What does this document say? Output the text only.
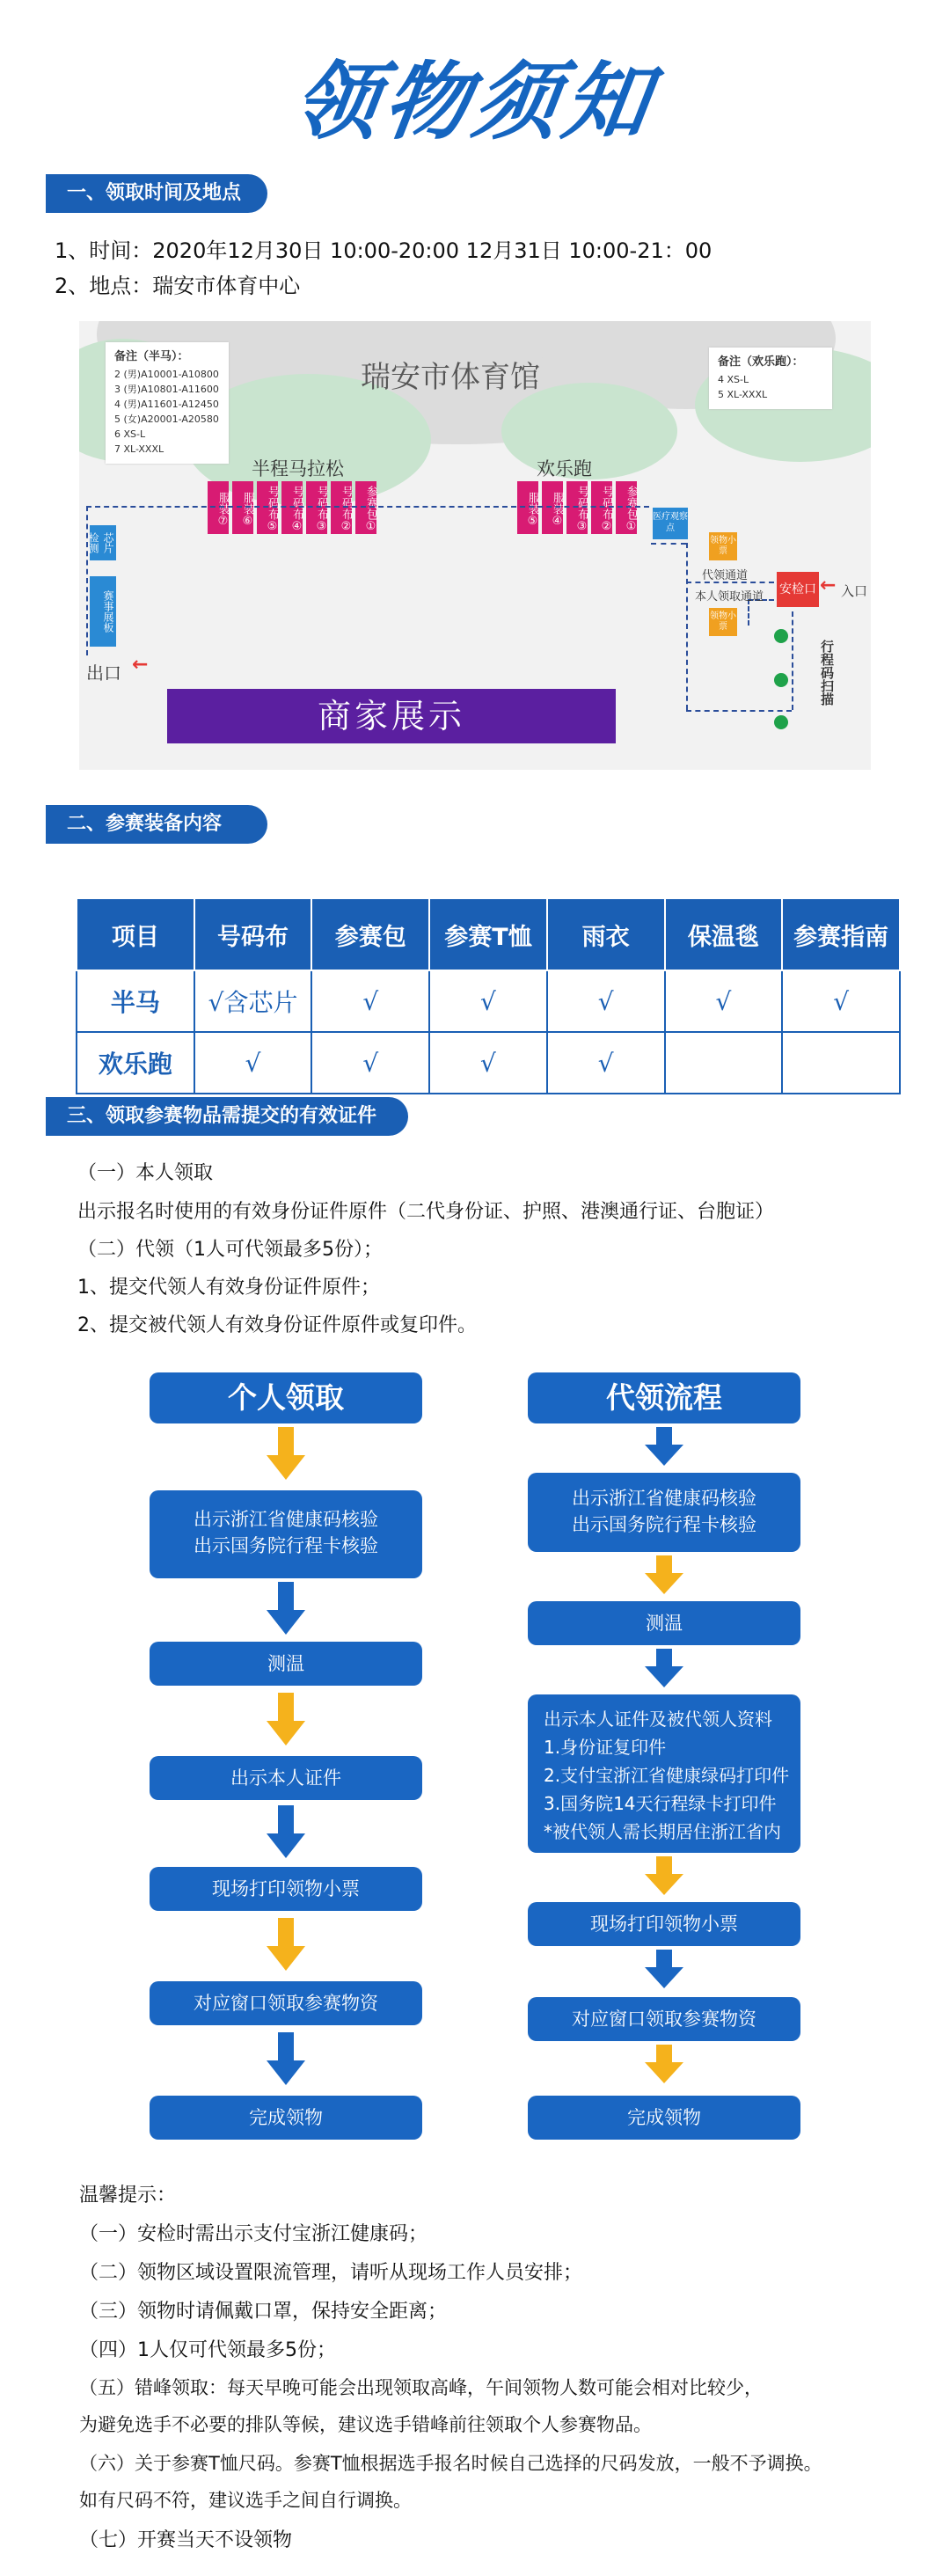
领物须知
一、领取时间及地点
1、时间：2020年12月30日 10:00-20:00 12月31日 10:00-21：00
2、地点：瑞安市体育中心
瑞安市体育馆
备注（半马）：
2 (男)A10001-A10800
3 (男)A10801-A11600
4 (男)A11601-A12450
5 (女)A20001-A20580
6 XS-L
7 XL-XXXL
备注（欢乐跑）：
4 XS-L
5 XL-XXXL
半程马拉松	欢乐跑
服装⑦	服装⑥	号码布⑤	号码布④	号码布③	号码布②	参赛包①	服装⑤	服装④	号码布③	号码布②	参赛包① 医疗观察点
芯片检测
赛事展板
领物小票
领物小票
代领通道
本人领取通道
安检口 ← 入口
出口 ←
商家展示
行程码扫描
二、参赛装备内容
项目	号码布	参赛包	参赛T恤	雨衣	保温毯	参赛指南
半马	√含芯片	√	√	√	√	√
欢乐跑	√	√	√	√		
三、领取参赛物品需提交的有效证件
（一）本人领取
出示报名时使用的有效身份证件原件（二代身份证、护照、港澳通行证、台胞证）
（二）代领（1人可代领最多5份）；
1、提交代领人有效身份证件原件；
2、提交被代领人有效身份证件原件或复印件。
个人领取
出示浙江省健康码核验
出示国务院行程卡核验
测温
出示本人证件
现场打印领物小票
对应窗口领取参赛物资
完成领物
代领流程
出示浙江省健康码核验
出示国务院行程卡核验
测温
出示本人证件及被代领人资料
1.身份证复印件
2.支付宝浙江省健康绿码打印件
3.国务院14天行程绿卡打印件
*被代领人需长期居住浙江省内
现场打印领物小票
对应窗口领取参赛物资
完成领物
温馨提示：
（一）安检时需出示支付宝浙江健康码；
（二）领物区域设置限流管理，请听从现场工作人员安排；
（三）领物时请佩戴口罩，保持安全距离；
（四）1人仅可代领最多5份；
（五）错峰领取：每天早晚可能会出现领取高峰，午间领物人数可能会相对比较少，
为避免选手不必要的排队等候，建议选手错峰前往领取个人参赛物品。
（六）关于参赛T恤尺码。参赛T恤根据选手报名时候自己选择的尺码发放，一般不予调换。
如有尺码不符，建议选手之间自行调换。
（七）开赛当天不设领物
